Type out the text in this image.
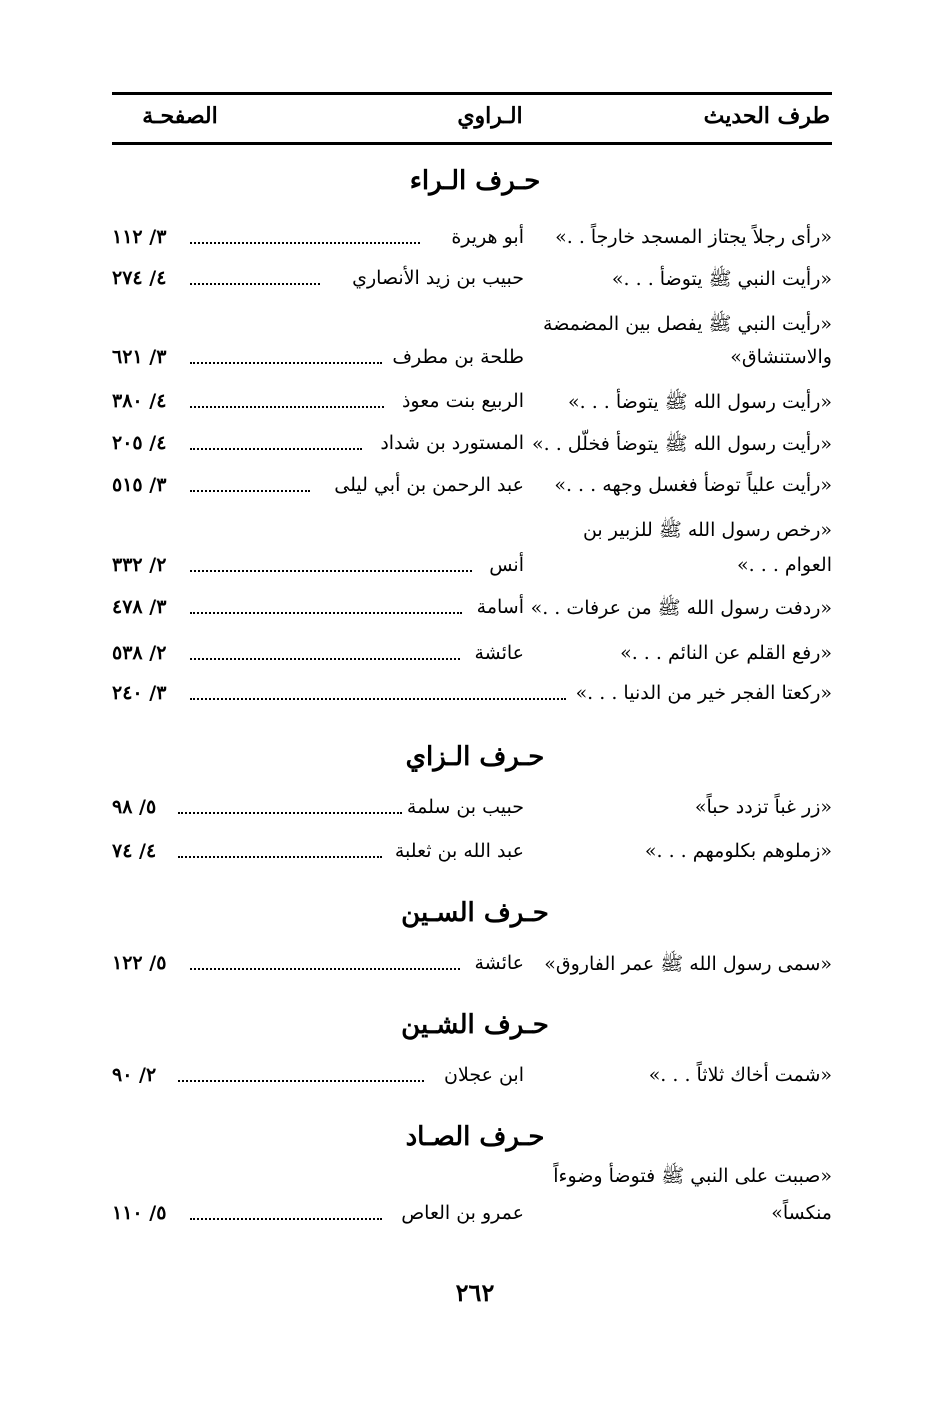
طرف الحديث
الـراوي
الصفحـة
حـرف الـراء
«رأى رجلاً يجتاز المسجد خارجاً . .»
أبو هريرة
٣/ ١١٢
«رأيت النبي ﷺ يتوضأ . . .»
حبيب بن زيد الأنصاري
٤/ ٢٧٤
«رأيت النبي ﷺ يفصل بين المضمضة
والاستنشاق»
طلحة بن مطرف
٣/ ٦٢١
«رأيت رسول الله ﷺ يتوضأ . . .»
الربيع بنت معوذ
٤/ ٣٨٠
«رأيت رسول الله ﷺ يتوضأ فخلّل . .»
المستورد بن شداد
٤/ ٢٠٥
«رأيت علياً توضأ فغسل وجهه . . .»
عبد الرحمن بن أبي ليلى
٣/ ٥١٥
«رخص رسول الله ﷺ للزبير بن
العوام . . .»
أنس
٢/ ٣٣٢
«ردفت رسول الله ﷺ من عرفات . .»
أسامة
٣/ ٤٧٨
«رفع القلم عن النائم . . .»
عائشة
٢/ ٥٣٨
«ركعتا الفجر خير من الدنيا . . .»
٣/ ٢٤٠
حـرف الـزاي
«زر غباً تزدد حباً»
حبيب بن سلمة
٥/ ٩٨
«زملوهم بكلومهم . . .»
عبد الله بن ثعلبة
٤/ ٧٤
حـرف السـين
«سمى رسول الله ﷺ عمر الفاروق»
عائشة
٥/ ١٢٢
حـرف الشـين
«شمت أخاك ثلاثاً . . .»
ابن عجلان
٢/ ٩٠
حـرف الصـاد
«صببت على النبي ﷺ فتوضأ وضوءاً
منكساً»
عمرو بن العاص
٥/ ١١٠
٢٦٢
